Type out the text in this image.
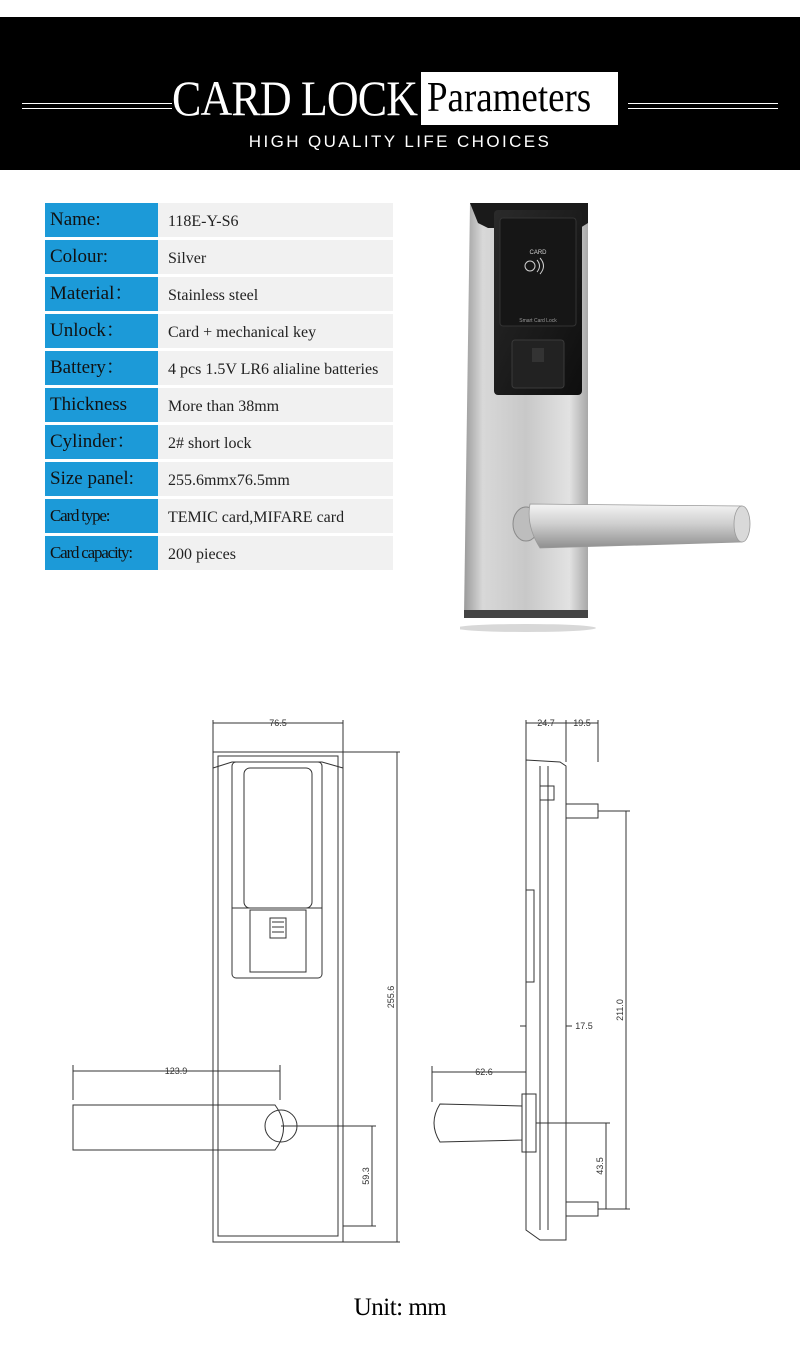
CARD LOCK Parameters
HIGH QUALITY LIFE CHOICES
Name:	118E-Y-S6
Colour:	Silver
Material：	Stainless steel
Unlock：	Card + mechanical key
Battery：	4 pcs 1.5V LR6 alialine batteries
Thickness	More than 38mm
Cylinder：	2# short lock
Size panel:	255.6mmx76.5mm
Card type:	TEMIC card,MIFARE card
Card capacity:	200 pieces
CARD
Smart Card Lock
76.5
255.6
123.9
59.3
24.7 19.5
211.0
17.5
62.6
43.5
Unit: mm
